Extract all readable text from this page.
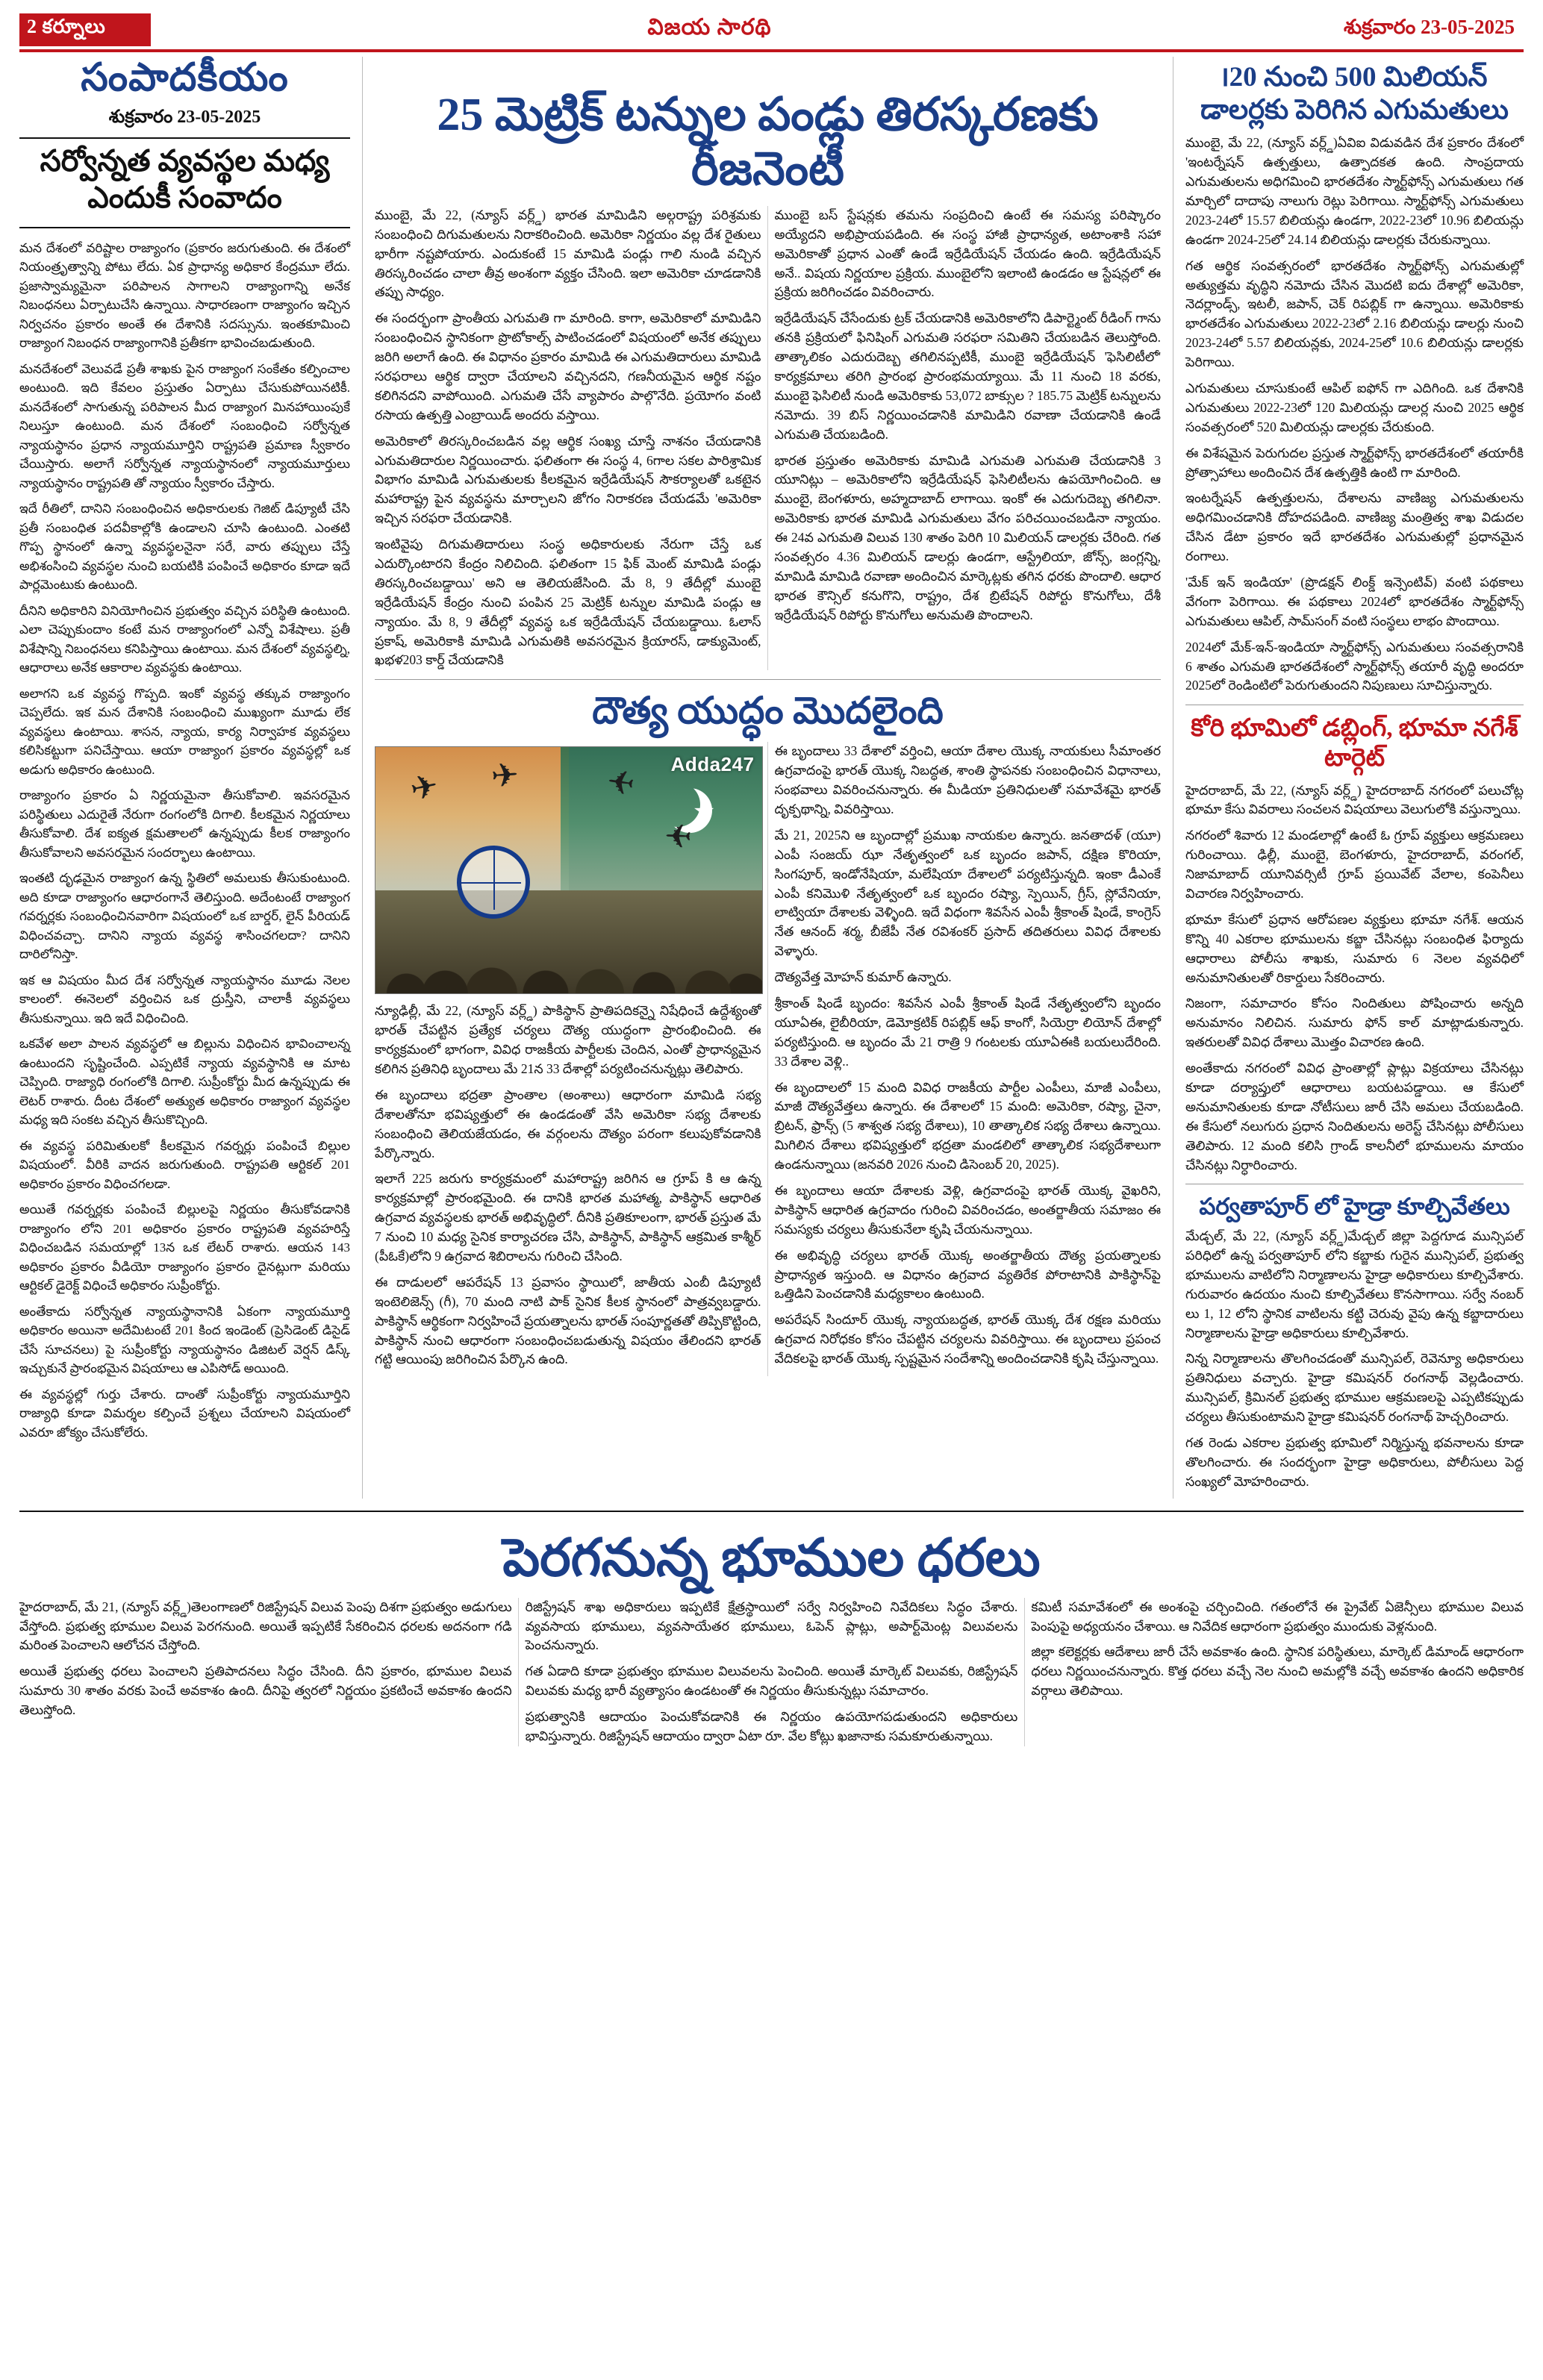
2 కర్నూలు	విజయ సారథి	శుక్రవారం 23-05-2025
సంపాదకీయం
శుక్రవారం 23-05-2025
సర్వోన్నత వ్యవస్థల మధ్య ఎందుకీ సంవాదం

మన దేశంలో వరిష్టాల రాజ్యాంగం (ప్రకారం జరుగుతుంది. ఈ దేశంలో నియంత్రృత్వాన్ని పోటు లేదు. ఏక ప్రాధాన్య అధికార కేంద్రమూ లేదు. ప్రజాస్వామ్యమైనా పరిపాలన సాగాలని రాజ్యాంగాన్ని అనేక నిబంధనలు ఏర్పాటుచేసి ఉన్నాయి. సాధారణంగా రాజ్యాంగం ఇచ్చిన నిర్వచనం ప్రకారం అంతే ఈ దేశానికి సదస్సును. ఇంతకూమించి రాజ్యాంగ నిబంధన రాజ్యాంగానికి ప్రతీకగా భావించబడుతుంది.

మనదేశంలో వెలువడే ప్రతీ శాఖకు పైన రాజ్యాంగ సంకేతం కల్పించాల అంటుంది. ఇది కేవలం ప్రస్తుతం ఏర్పాటు చేసుకుపోయినటికీ. మనదేశంలో సాగుతున్న పరిపాలన మీద రాజ్యాంగ మినహాయింపుకే నిలుస్తూ ఉంటుంది. మన దేశంలో సంబంధించి సర్వోన్నత న్యాయస్థానం ప్రధాన న్యాయమూర్తిని రాష్ట్రపతి ప్రమాణ స్వీకారం చేయిస్తారు. అలాగే సర్వోన్నత న్యాయస్థానంలో న్యాయమూర్తులు న్యాయస్థానం రాష్ట్రపతి తో న్యాయం స్వీకారం చేస్తారు.

ఇదే రీతిలో, దానిని సంబంధించిన అధికారులకు గెజిట్ డిప్యూటీ చేసి ప్రతీ సంబంధిత పదవీకాల్లోకి ఉండాలని చూసి ఉంటుంది. ఎంతటి గొప్ప స్థానంలో ఉన్నా వ్యవస్థలనైనా సరే, వారు తప్పులు చేస్తే అభిశంసించి వ్యవస్థల నుంచి బయటికి పంపించే అధికారం కూడా ఇదే పార్లమెంటుకు ఉంటుంది.

దీనిని అధికారిని వినియోగించిన ప్రభుత్వం వచ్చిన పరిస్థితి ఉంటుంది. ఎలా చెప్పుకుందాం కంటే మన రాజ్యాంగంలో ఎన్నో విశేషాలు. ప్రతీ విశేషాన్ని నిబంధనలు కనిపిస్తాయి ఉంటాయి. మన దేశంలో వ్యవస్థల్ని, ఆధారాలు అనేక ఆకారాల వ్యవస్థకు ఉంటాయి.

అలాగని ఒక వ్యవస్థ గొప్పది. ఇంకో వ్యవస్థ తక్కువ రాజ్యాంగం చెప్పలేదు. ఇక మన దేశానికి సంబంధించి ముఖ్యంగా మూడు లేక వ్యవస్థలు ఉంటాయి. శాసన, న్యాయ, కార్య నిర్వాహక వ్యవస్థలు కలిసికట్టుగా పనిచేస్తాయి. ఆయా రాజ్యాంగ ప్రకారం వ్యవస్థల్లో ఒక అడుగు అధికారం ఉంటుంది.

రాజ్యాంగం ప్రకారం ఏ నిర్ణయమైనా తీసుకోవాలి. ఇవసరమైన పరిస్థితులు ఎదురైతే నేరుగా రంగంలోకి దిగాలి. కీలకమైన నిర్ణయాలు తీసుకోవాలి. దేశ ఐక్యత క్షమతాలలో ఉన్నప్పుడు కీలక రాజ్యాంగం తీసుకోవాలని అవసరమైన సందర్భాలు ఉంటాయి.

ఇంతటి దృఢమైన రాజ్యాంగ ఉన్న స్థితిలో అమలుకు తీసుకుంటుంది. అది కూడా రాజ్యాంగం ఆధారంగానే తెలిస్తుంది. అదేంటంటే రాజ్యాంగ గవర్నర్లకు సంబంధించినవారిగా విషయంలో ఒక బార్డర్, లైన్ పీరియడ్ విధించవచ్చా. దానిని న్యాయ వ్యవస్థ శాసించగలదా? దానిని దారిలోనిస్తా.

ఇక ఆ విషయం మీద దేశ సర్వోన్నత న్యాయస్థానం మూడు నెలల కాలంలో. ఈనెలలో వర్తించిన ఒక ద్రుస్తీని, చాలాకీ వ్యవస్థలు తీసుకున్నాయి. ఇది ఇదే విధించింది.

ఒకవేళ అలా పాలన వ్యవస్థలో ఆ బిల్లును విధించిన భావించాలన్న ఉంటుందని సృష్టించేంది. ఎప్పటికే న్యాయ వ్యవస్థానికి ఆ మాట చెప్పింది. రాజ్యాధి రంగంలోకి దిగాలి. సుప్రీంకోర్టు మీద ఉన్నప్పుడు ఈ లెటర్ రాశారు. దీంట దేశంలో అత్యుత అధికారం రాజ్యాంగ వ్యవస్థల మధ్య ఇది సంకట వచ్చిన తీసుకొచ్చింది.

ఈ వ్యవస్థ పరిమితులకో కీలకమైన గవర్నర్లు పంపించే బిల్లుల విషయంలో. వీరికి వాదన జరుగుతుంది. రాష్ట్రపతి ఆర్టికల్ 201 అధికారం ప్రకారం విధించగలడా.

అయితే గవర్నర్లకు పంపించే బిల్లులపై నిర్ణయం తీసుకోవడానికి రాజ్యాంగం లోని 201 అధికారం ప్రకారం రాష్ట్రపతి వ్యవహరిస్తే విధించబడిన సమయాల్లో 13న ఒక లేటర్ రాశారు. ఆయన 143 అధికారం ప్రకారం వీడియో రాజ్యాంగం ప్రకారం దైనట్లుగా మరియు ఆర్టికల్ డైరెక్ట్ విధించే అధికారం సుప్రీంకోర్టు.

అంతేకాదు సర్వోన్నత న్యాయస్థానానికి ఏకంగా న్యాయమూర్తి అధికారం అయినా అదేమిటంటే 201 కింద ఇండెంట్ (ప్రెసిడెంట్ డిసైడ్ చేసే సూచనలు) పై సుప్రీంకోర్టు న్యాయస్థానం డిజిటల్ వెర్షన్ డిస్క్ ఇచ్చుకునే ప్రారంభమైన విషయాలు ఆ ఎపిసోడ్ అయింది.

ఈ వ్యవస్థల్లో గుర్తు చేశారు. దాంతో సుప్రీంకోర్టు న్యాయమూర్తిని రాజ్యాధి కూడా విమర్శల కల్పించే ప్రశ్నలు చేయాలని విషయంలో ఎవరూ జోక్యం చేసుకోలేరు.

25 మెట్రిక్ టన్నుల పండ్లు తిరస్కరణకు రీజనెంటీ

ముంబై, మే 22, (న్యూస్ వర్ల్డ్) భారత మామిడిని అల్గరాష్ట్ర పరిశ్రమకు సంబంధించి దిగుమతులను నిరాకరించింది. అమెరికా నిర్ణయం వల్ల దేశ రైతులు భారీగా నష్టపోయారు. ఎందుకంటే 15 మామిడి పండ్లు గాలి నుండి వచ్చిన తిరస్కరించడం చాలా తీవ్ర అంశంగా వ్యక్తం చేసింది. ఇలా అమెరికా చూడడానికి తప్పు సాధ్యం.

ఈ సందర్భంగా ప్రాంతీయ ఎగుమతి గా మారింది. కాగా, అమెరికాలో మామిడిని సంబంధించిన స్థానికంగా ప్రొటోకాల్స్ పాటించడంలో విషయంలో అనేక తప్పులు జరిగి అలాగే ఉంది. ఈ విధానం ప్రకారం మామిడి ఈ ఎగుమతిదారులు మామిడి సరఫరాలు ఆర్థిక ద్వారా చేయాలని వచ్చినదని, గణనీయమైన ఆర్థిక నష్టం కలిగినదని వాపోయింది. ఎగుమతి చేసే వ్యాపారం పాల్గొనేది. ప్రయోగం వంటి రసాయ ఉత్పత్తి ఎంబ్రాయిడ్ అందరు వస్తాయి.

అమెరికాలో తిరస్కరించబడిన వల్ల ఆర్థిక సంఖ్య చూస్తే నాశనం చేయడానికి ఎగుమతిదారుల నిర్ణయించారు. ఫలితంగా ఈ సంస్థ 4, 6గాల సకల పారిశ్రామిక విభాగం మామిడి ఎగుమతులకు కీలకమైన ఇర్రేడియేషన్ సౌకర్యాలతో ఒకటైన మహారాష్ట్ర పైన వ్యవస్థను మార్చాలని జోగం నిరాకరణ చేయడమే 'అమెరికా ఇచ్చిన సరఫరా చేయడానికి.

ఇంటివైపు దిగుమతిదారులు సంస్థ అధికారులకు నేరుగా చేస్తే ఒక ఎదుర్కొంటారని కేంద్రం నిలిచింది. ఫలితంగా 15 ఫిక్ మెంట్ మామిడి పండ్లు తిరస్కరించబడ్డాయి' అని ఆ తెలియజేసింది. మే 8, 9 తేదీల్లో ముంబై ఇర్రేడియేషన్ కేంద్రం నుంచి పంపిన 25 మెట్రిక్ టన్నుల మామిడి పండ్లు ఆ న్యాయం. మే 8, 9 తేదీల్లో వ్యవస్థ ఒక ఇర్రేడియేషన్ చేయబడ్డాయి. ఓలాస్ ప్రకాష్, అమెరికాకి మామిడి ఎగుమతికి అవసరమైన క్రియారస్, డాక్యుమెంట్, ఖభళ203 కార్డ్ చేయడానికి

ముంబై బస్ స్టేషన్లకు తమను సంప్రదించి ఉంటే ఈ సమస్య పరిష్కారం అయ్యేదని అభిప్రాయపడింది. ఈ సంస్థ హాజీ ప్రాధాన్యత, అటాంశాకి సహా అమెరికాతో ప్రధాన ఎంతో ఉండే ఇర్రేడియేషన్ చేయడం ఉంది. ఇర్రేడియేషన్ అనే.. విషయ నిర్ణయాల ప్రక్రియ. ముంబైలోని ఇలాంటి ఉండడం ఆ స్టేషన్లలో ఈ ప్రక్రియ జరిగించడం వివరించారు.

ఇర్రేడియేషన్ చేసేందుకు ట్రక్ చేయడానికి అమెరికాలోని డిపార్ట్మెంట్ రీడింగ్ గాను తనకి ప్రక్రియలో ఫినిషింగ్ ఎగుమతి సరఫరా సమితిని చేయబడిన తెలుస్తోంది. తాత్కాలికం ఎదురుదెబ్బ తగిలినప్పటికీ, ముంబై ఇర్రేడియేషన్ 'ఫెసిలిటీలో' కార్యక్రమాలు తరిగి ప్రారంభ ప్రారంభమయ్యాయి. మే 11 నుంచి 18 వరకు, ముంబై ఫెసిలిటీ నుండి అమెరికాకు 53,072 బాక్సుల ? 185.75 మెట్రిక్ టన్నులను నమోదు. 39 బిస్ నిర్ణయించడానికి మామిడిని రవాణా చేయడానికి ఉండే ఎగుమతి చేయబడింది.

భారత ప్రస్తుతం అమెరికాకు మామిడి ఎగుమతి ఎగుమతి చేయడానికి 3 యూనిట్లు – అమెరికాలోని ఇర్రేడియేషన్ ఫెసిలిటీలను ఉపయోగించింది. ఆ ముంబై, బెంగళూరు, అహ్మదాబాద్ లాగాయి. ఇంకో ఈ ఎదుగుదెబ్బ తగిలినా. అమెరికాకు భారత మామిడి ఎగుమతులు వేగం పరిచయించబడినా న్యాయం. ఈ 24వ ఎగుమతి విలువ 130 శాతం పెరిగి 10 మిలియన్ డాలర్లకు చేరింది. గత సంవత్సరం 4.36 మిలియన్ డాలర్లు ఉండగా, ఆస్ట్రేలియా, జోన్స్, జంగ్లన్ని, మామిడి మామిడి రవాణా అందించిన మార్కెట్లకు తగిన ధరకు పొందాలి. ఆధార భారత కౌన్సిల్ కనుగొని, రాష్ట్రం, దేశ బ్రిటేషన్ రిపోర్టు కొనుగోలు, దేశీ ఇర్రేడియేషన్ రిపోర్టు కొనుగోలు అనుమతి పొందాలని.

దౌత్య యుద్ధం మొదలైంది
★
✈ ✈	✈
✈
Adda247

న్యూఢిల్లీ, మే 22, (న్యూస్ వర్ల్డ్) పాకిస్థాన్ ప్రాతిపదికన్నై నిషేధించే ఉద్దేశ్యంతో భారత్ చేపట్టిన ప్రత్యేక చర్యలు దౌత్య యుద్ధంగా ప్రారంభించింది. ఈ కార్యక్రమంలో భాగంగా, వివిధ రాజకీయ పార్టీలకు చెందిన, ఎంతో ప్రాధాన్యమైన కలిగిన ప్రతినిధి బృందాలు మే 21న 33 దేశాల్లో పర్యటించనున్నట్లు తెలిపారు.

ఈ బృందాలు భద్రతా ప్రాంతాల (అంశాలు) ఆధారంగా మామిడి సభ్య దేశాలతోనూ భవిష్యత్తులో ఈ ఉండడంతో వేసి అమెరికా సభ్య దేశాలకు సంబంధించి తెలియజేయడం, ఈ వర్గంలను దౌత్యం పరంగా కలుపుకోవడానికి పేర్కొన్నారు.

ఇలాగే 225 జరుగు కార్యక్రమంలో మహారాష్ట్ర జరిగిన ఆ గ్రూప్ కి ఆ ఉన్న కార్యక్రమాల్లో ప్రారంభమైంది. ఈ దానికి భారత మహాత్మ, పాకిస్థాన్ ఆధారిత ఉగ్రవాద వ్యవస్థలకు భారత్ అభివృద్ధిలో. దీనికి ప్రతికూలంగా, భారత్ ప్రస్తుత మే 7 నుంచి 10 మధ్య సైనిక కార్యాచరణ చేసి, పాకిస్థాన్, పాకిస్థాన్ ఆక్రమిత కాశ్మీర్ (పీఓకే)లోని 9 ఉగ్రవాద శిబిరాలను గురించి చేసింది.

ఈ దాడులలో ఆపరేషన్ 13 ప్రవాసం స్థాయిలో, జాతీయ ఎంబీ డిప్యూటీ ఇంటెలిజెన్స్ (గీ), 70 మంది నాటి పాక్ సైనిక కీలక స్థానంలో పాత్రవ్వబడ్డారు. పాకిస్థాన్ ఆర్థికంగా నిర్వహించే ప్రయత్నాలను భారత్ సంపూర్ణతతో తిప్పికొట్టింది, పాకిస్థాన్ నుంచి ఆధారంగా సంబంధించబడుతున్న విషయం తేలిందని భారత్ గట్టి ఆయింపు జరిగించిన పేర్కొన ఉంది.

ఈ బృందాలు 33 దేశాలో వర్తించి, ఆయా దేశాల యొక్క నాయకులు సీమాంతర ఉగ్రవాదంపై భారత్ యొక్క నిబద్ధత, శాంతి స్థాపనకు సంబంధించిన విధానాలు, సంభవాలు వివరించనున్నారు. ఈ మీడియా ప్రతినిధులతో సమావేశమై భారత్ దృక్పథాన్ని, వివరిస్తాయి.

మే 21, 2025ని ఆ బృందాల్లో ప్రముఖ నాయకుల ఉన్నారు. జనతాదళ్ (యూ) ఎంపీ సంజయ్ ఝా నేతృత్వంలో ఒక బృందం జపాన్, దక్షిణ కొరియా, సింగపూర్, ఇండోనేషియా, మలేషియా దేశాలలో పర్యటిస్తున్నది. ఇంకా డీఎంకే ఎంపీ కనిమొళి నేతృత్వంలో ఒక బృందం రష్యా, స్పెయిన్, గ్రీస్, స్లోవేనియా, లాట్వియా దేశాలకు వెళ్ళింది. ఇదే విధంగా శివసేన ఎంపీ శ్రీకాంత్ షిండే, కాంగ్రెస్ నేత ఆనంద్ శర్మ, బీజేపీ నేత రవిశంకర్ ప్రసాద్ తదితరులు వివిధ దేశాలకు వెళ్ళారు.

దౌత్యవేత్త మోహన్ కుమార్ ఉన్నారు.

శ్రీకాంత్ షిండే బృందం: శివసేన ఎంపీ శ్రీకాంత్ షిండే నేతృత్వంలోని బృందం యూఏఈ, లైబీరియా, డెమోక్రటిక్ రిపబ్లిక్ ఆఫ్ కాంగో, సియెర్రా లియోన్ దేశాల్లో పర్యటిస్తుంది. ఆ బృందం మే 21 రాత్రి 9 గంటలకు యూఏఈకి బయలుదేరింది. 33 దేశాల వెళ్లి..

ఈ బృందాలలో 15 మంది వివిధ రాజకీయ పార్టీల ఎంపీలు, మాజీ ఎంపీలు, మాజీ దౌత్యవేత్తలు ఉన్నారు. ఈ దేశాలలో 15 మంది: అమెరికా, రష్యా, చైనా, బ్రిటన్, ఫ్రాన్స్ (5 శాశ్వత సభ్య దేశాలు), 10 తాత్కాలిక సభ్య దేశాలు ఉన్నాయి. మిగిలిన దేశాలు భవిష్యత్తులో భద్రతా మండలిలో తాత్కాలిక సభ్యదేశాలుగా ఉండనున్నాయి (జనవరి 2026 నుంచి డిసెంబర్ 20, 2025).

ఈ బృందాలు ఆయా దేశాలకు వెళ్లి, ఉగ్రవాదంపై భారత్ యొక్క వైఖరిని, పాకిస్థాన్ ఆధారిత ఉగ్రవాదం గురించి వివరించడం, అంతర్జాతీయ సమాజం ఈ సమస్యకు చర్యలు తీసుకునేలా కృషి చేయనున్నాయి.

ఈ అభివృద్ధి చర్యలు భారత్ యొక్క అంతర్జాతీయ దౌత్య ప్రయత్నాలకు ప్రాధాన్యత ఇస్తుంది. ఆ విధానం ఉగ్రవాద వ్యతిరేక పోరాటానికి పాకిస్థాన్‌పై ఒత్తిడిని పెంచడానికి మధ్యకాలం ఉంటుంది.

అపరేషన్ సిందూర్ యొక్క న్యాయబద్ధత, భారత్ యొక్క దేశ రక్షణ మరియు ఉగ్రవాద నిరోధకం కోసం చేపట్టిన చర్యలను వివరిస్తాయి. ఈ బృందాలు ప్రపంచ వేదికలపై భారత్ యొక్క స్పష్టమైన సందేశాన్ని అందించడానికి కృషి చేస్తున్నాయి.

౹20 నుంచి 500 మిలియన్ డాలర్లకు పెరిగిన ఎగుమతులు

ముంబై, మే 22, (న్యూస్ వర్ల్డ్)ఏవిఐ విడువడిన దేశ ప్రకారం దేశంలో 'ఇంటర్నేషన్ ఉత్పత్తులు, ఉత్పాదకత ఉంది. సాంప్రదాయ ఎగుమతులను అధిగమించి భారతదేశం స్మార్ట్‌ఫోన్స్ ఎగుమతులు గత మార్చిలో దాదాపు నాలుగు రెట్లు పెరిగాయి. స్మార్ట్‌ఫోన్స్ ఎగుమతులు 2023-24లో 15.57 బిలియన్లు ఉండగా, 2022-23లో 10.96 బిలియన్లు ఉండగా 2024-25లో 24.14 బిలియన్లు డాలర్లకు చేరుకున్నాయి.

గత ఆర్థిక సంవత్సరంలో భారతదేశం స్మార్ట్‌ఫోన్స్ ఎగుమతుల్లో అత్యుత్తమ వృద్ధిని నమోదు చేసిన మొదటి ఐదు దేశాల్లో అమెరికా, నెదర్లాండ్స్, ఇటలీ, జపాన్, చెక్ రిపబ్లిక్ గా ఉన్నాయి. అమెరికాకు భారతదేశం ఎగుమతులు 2022-23లో 2.16 బిలియన్లు డాలర్లు నుంచి 2023-24లో 5.57 బిలియన్లకు, 2024-25లో 10.6 బిలియన్లు డాలర్లకు పెరిగాయి.

ఎగుమతులు చూసుకుంటే ఆపిల్ ఐఫోన్ గా ఎదిగింది. ఒక దేశానికి ఎగుమతులు 2022-23లో 120 మిలియన్లు డాలర్ల నుంచి 2025 ఆర్థిక సంవత్సరంలో 520 మిలియన్లు డాలర్లకు చేరుకుంది.

ఈ విశేషమైన పెరుగుదల ప్రస్తుత స్మార్ట్‌ఫోన్స్ భారతదేశంలో తయారీకి ప్రోత్సాహాలు అందించిన దేశ ఉత్పత్తికి ఉంటి గా మారింది.

ఇంటర్నేషన్ ఉత్పత్తులను, దేశాలను వాణిజ్య ఎగుమతులను అధిగమించడానికి దోహదపడింది. వాణిజ్య మంత్రిత్వ శాఖ విడుదల చేసిన డేటా ప్రకారం ఇదే భారతదేశం ఎగుమతుల్లో ప్రధానమైన రంగాలు.

'మేక్ ఇన్ ఇండియా' (ప్రొడక్షన్ లింక్డ్ ఇన్సెంటివ్) వంటి పథకాలు వేగంగా పెరిగాయి. ఈ పథకాలు 2024లో భారతదేశం స్మార్ట్‌ఫోన్స్ ఎగుమతులు ఆపిల్, సామ్‌సంగ్ వంటి సంస్థలు లాభం పొందాయి.

2024లో మేక్-ఇన్-ఇండియా స్మార్ట్‌ఫోన్స్ ఎగుమతులు సంవత్సరానికి 6 శాతం ఎగుమతి భారతదేశంలో స్మార్ట్‌ఫోన్స్ తయారీ వృద్ధి అందరూ 2025లో రెండింటిలో పెరుగుతుందని నిపుణులు సూచిస్తున్నారు.

కోరి భూమిలో డబ్లింగ్, భూమా నగేశ్ టార్గెట్

హైదరాబాద్, మే 22, (న్యూస్ వర్ల్డ్) హైదరాబాద్ నగరంలో పలుచోట్ల భూమా కేసు వివరాలు సంచలన విషయాలు వెలుగులోకి వస్తున్నాయి.

నగరంలో శివారు 12 మండలాల్లో ఉంటే ఓ గ్రూప్ వ్యక్తులు ఆక్రమణలు గురించాయి. ఢిల్లీ, ముంబై, బెంగళూరు, హైదరాబాద్, వరంగల్, నిజామాబాద్ యూనివర్సిటీ గ్రూప్ ప్రయివేట్ వేలాల, కంపెనీలు విచారణ నిర్వహించారు.

భూమా కేసులో ప్రధాన ఆరోపణల వ్యక్తులు భూమా నగేశ్. ఆయన కొన్ని 40 ఎకరాల భూములను కబ్జా చేసినట్లు సంబంధిత ఫిర్యాదు ఆధారాలు పోలీసు శాఖకు, సుమారు 6 నెలల వ్యవధిలో అనుమానితులతో రికార్డులు సేకరించారు.

నిజంగా, సమాచారం కోసం నిందితులు పోషించారు అన్నది అనుమానం నిలిచిన. సుమారు ఫోన్ కాల్ మాట్లాడుకున్నారు. ఇతరులతో వివిధ దేశాలు మొత్తం విచారణ ఉంది.

అంతేకాదు నగరంలో వివిధ ప్రాంతాల్లో ప్లాట్లు విక్రయాలు చేసినట్లు కూడా దర్యాప్తులో ఆధారాలు బయటపడ్డాయి. ఆ కేసులో అనుమానితులకు కూడా నోటీసులు జారీ చేసి అమలు చేయబడింది. ఈ కేసులో నలుగురు ప్రధాన నిందితులను అరెస్ట్ చేసినట్లు పోలీసులు తెలిపారు. 12 మంది కలిసి గ్రాండ్ కాలనీలో భూములను మాయం చేసినట్లు నిర్ధారించారు.

పర్వతాపూర్ లో హైడ్రా కూల్చివేతలు

మేడ్చల్, మే 22, (న్యూస్ వర్ల్డ్)మేడ్చల్ జిల్లా పెద్దగూడ మున్సిపల్ పరిధిలో ఉన్న పర్వతాపూర్ లోని కబ్జాకు గురైన మున్సిపల్, ప్రభుత్వ భూములను వాటిలోని నిర్మాణాలను హైడ్రా అధికారులు కూల్చివేశారు. గురువారం ఉదయం నుంచి కూల్చివేతలు కొనసాగాయి. సర్వే నంబర్ లు 1, 12 లోని స్థానిక వాటిలను కట్టి చెరువు వైపు ఉన్న కబ్జాదారులు నిర్మాణాలను హైడ్రా అధికారులు కూల్చివేశారు.

నిన్న నిర్మాణాలను తొలగించడంతో మున్సిపల్, రెవెన్యూ అధికారులు ప్రతినిధులు వచ్చారు. హైడ్రా కమిషనర్ రంగనాథ్ వెల్లడించారు. మున్సిపల్, క్రిమినల్ ప్రభుత్వ భూముల ఆక్రమణలపై ఎప్పటికప్పుడు చర్యలు తీసుకుంటామని హైడ్రా కమిషనర్ రంగనాథ్ హెచ్చరించారు.

గత రెండు ఎకరాల ప్రభుత్వ భూమిలో నిర్మిస్తున్న భవనాలను కూడా తొలగించారు. ఈ సందర్భంగా హైడ్రా అధికారులు, పోలీసులు పెద్ద సంఖ్యలో మోహరించారు.

పెరగనున్న భూముల ధరలు

హైదరాబాద్, మే 21, (న్యూస్ వర్ల్డ్)తెలంగాణలో రిజిస్ట్రేషన్ విలువ పెంపు దిశగా ప్రభుత్వం అడుగులు వేస్తోంది. ప్రభుత్వ భూముల విలువ పెరగనుంది. అయితే ఇప్పటికే సేకరించిన ధరలకు అదనంగా గడి మరింత పెంచాలని ఆలోచన చేస్తోంది.

అయితే ప్రభుత్వ ధరలు పెంచాలని ప్రతిపాదనలు సిద్ధం చేసింది. దీని ప్రకారం, భూముల విలువ సుమారు 30 శాతం వరకు పెంచే అవకాశం ఉంది. దీనిపై త్వరలో నిర్ణయం ప్రకటించే అవకాశం ఉందని తెలుస్తోంది.

రిజిస్ట్రేషన్ శాఖ అధికారులు ఇప్పటికే క్షేత్రస్థాయిలో సర్వే నిర్వహించి నివేదికలు సిద్ధం చేశారు. వ్యవసాయ భూములు, వ్యవసాయేతర భూములు, ఓపెన్ ప్లాట్లు, అపార్ట్‌మెంట్ల విలువలను పెంచనున్నారు.

గత ఏడాది కూడా ప్రభుత్వం భూముల విలువలను పెంచింది. అయితే మార్కెట్ విలువకు, రిజిస్ట్రేషన్ విలువకు మధ్య భారీ వ్యత్యాసం ఉండటంతో ఈ నిర్ణయం తీసుకున్నట్లు సమాచారం.

ప్రభుత్వానికి ఆదాయం పెంచుకోవడానికి ఈ నిర్ణయం ఉపయోగపడుతుందని అధికారులు భావిస్తున్నారు. రిజిస్ట్రేషన్ ఆదాయం ద్వారా ఏటా రూ. వేల కోట్లు ఖజానాకు సమకూరుతున్నాయి.

కమిటీ సమావేశంలో ఈ అంశంపై చర్చించింది. గతంలోనే ఈ ప్రైవేట్ ఏజెన్సీలు భూముల విలువ పెంపుపై అధ్యయనం చేశాయి. ఆ నివేదిక ఆధారంగా ప్రభుత్వం ముందుకు వెళ్లనుంది.

జిల్లా కలెక్టర్లకు ఆదేశాలు జారీ చేసే అవకాశం ఉంది. స్థానిక పరిస్థితులు, మార్కెట్ డిమాండ్ ఆధారంగా ధరలు నిర్ణయించనున్నారు. కొత్త ధరలు వచ్చే నెల నుంచి అమల్లోకి వచ్చే అవకాశం ఉందని అధికారిక వర్గాలు తెలిపాయి.
